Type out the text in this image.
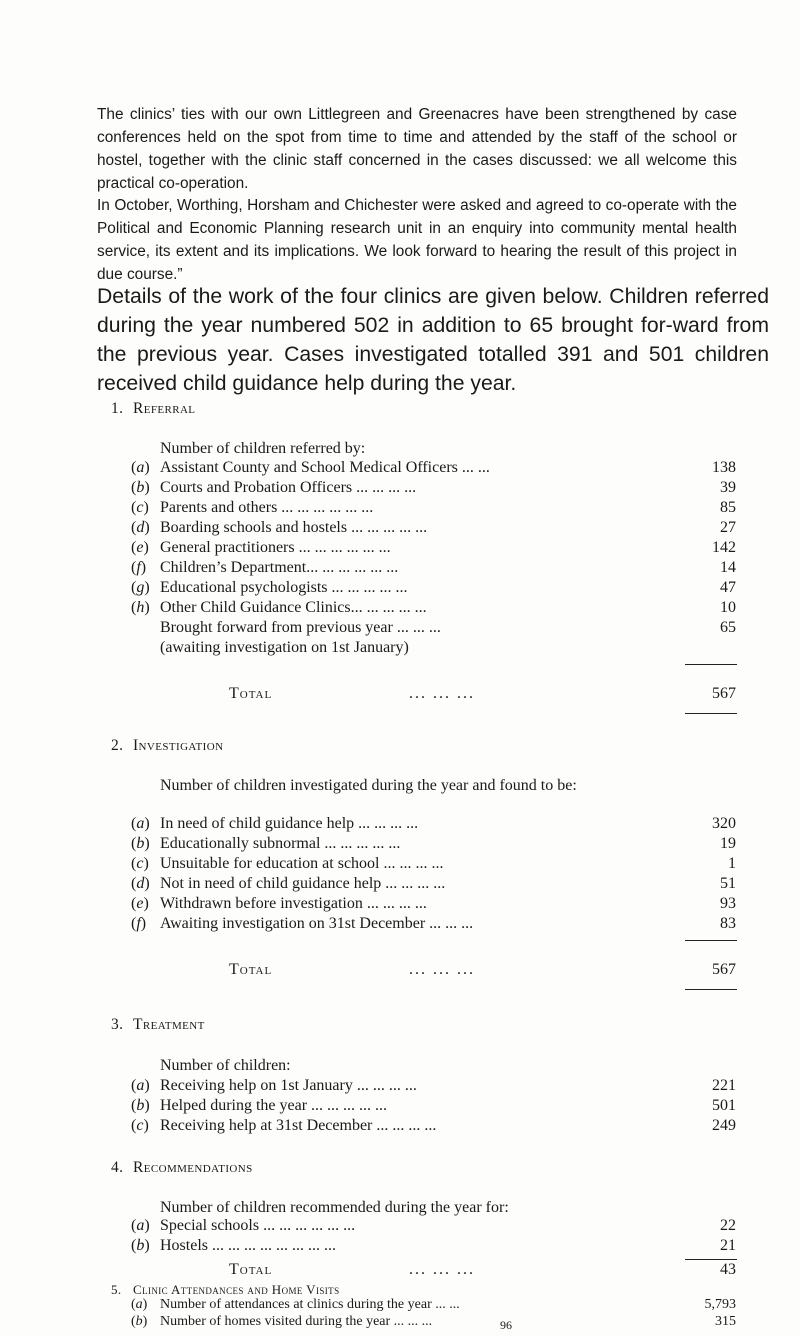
The clinics’ ties with our own Littlegreen and Greenacres have been strengthened by case conferences held on the spot from time to time and attended by the staff of the school or hostel, together with the clinic staff concerned in the cases discussed: we all welcome this practical co-operation.

In October, Worthing, Horsham and Chichester were asked and agreed to co-operate with the Political and Economic Planning research unit in an enquiry into community mental health service, its extent and its implications. We look forward to hearing the result of this project in due course.”

Details of the work of the four clinics are given below. Children referred during the year numbered 502 in addition to 65 brought for-ward from the previous year. Cases investigated totalled 391 and 501 children received child guidance help during the year.

1. Referral
Number of children referred by:
(a) Assistant County and School Medical Officers ... ...	138
(b) Courts and Probation Officers ... ... ... ...	39
(c) Parents and others ... ... ... ... ... ...	85
(d) Boarding schools and hostels ... ... ... ... ...	27
(e) General practitioners ... ... ... ... ... ...	142
(f) Children’s Department... ... ... ... ... ...	14
(g) Educational psychologists ... ... ... ... ...	47
(h) Other Child Guidance Clinics... ... ... ... ...	10
Brought forward from previous year ... ... ...	65
(awaiting investigation on 1st January)
Total	... ... ...	567
2. Investigation
Number of children investigated during the year and found to be:
(a) In need of child guidance help ... ... ... ...	320
(b) Educationally subnormal ... ... ... ... ...	19
(c) Unsuitable for education at school ... ... ... ...	1
(d) Not in need of child guidance help ... ... ... ...	51
(e) Withdrawn before investigation ... ... ... ...	93
(f) Awaiting investigation on 31st December ... ... ...	83
Total	... ... ...	567
3. Treatment
Number of children:
(a) Receiving help on 1st January ... ... ... ...	221
(b) Helped during the year ... ... ... ... ...	501
(c) Receiving help at 31st December ... ... ... ...	249
4. Recommendations
Number of children recommended during the year for:
(a) Special schools ... ... ... ... ... ...	22
(b) Hostels ... ... ... ... ... ... ... ...	21
Total	... ... ...	43
5. Clinic Attendances and Home Visits
(a) Number of attendances at clinics during the year ... ...	5,793
(b) Number of homes visited during the year ... ... ...	315
96
